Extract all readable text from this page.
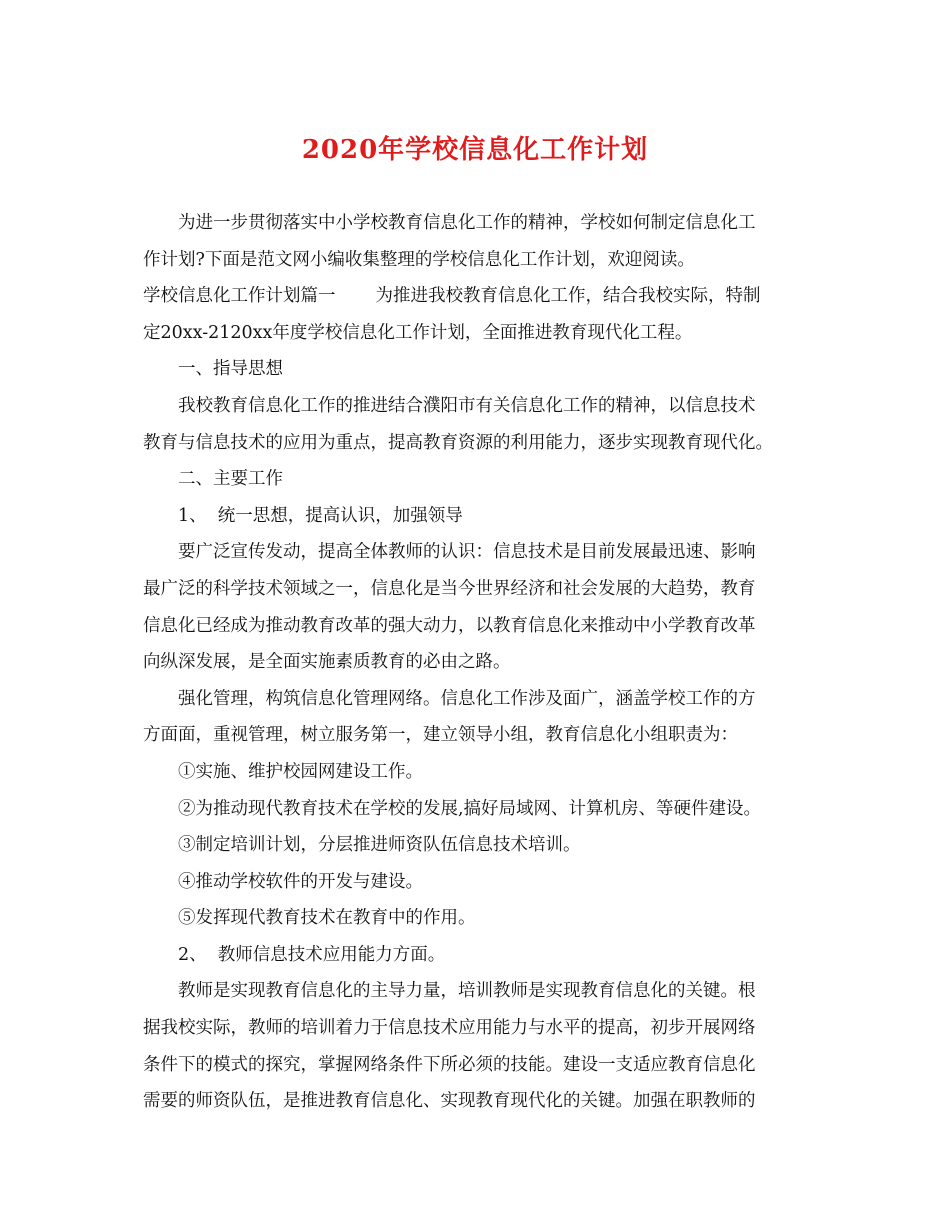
2020年学校信息化工作计划
为进一步贯彻落实中小学校教育信息化工作的精神，学校如何制定信息化工
作计划?下面是范文网小编收集整理的学校信息化工作计划，欢迎阅读。
学校信息化工作计划篇一 为推进我校教育信息化工作，结合我校实际，特制
定20xx-2120xx年度学校信息化工作计划，全面推进教育现代化工程。
一、指导思想
我校教育信息化工作的推进结合濮阳市有关信息化工作的精神，以信息技术
教育与信息技术的应用为重点，提高教育资源的利用能力，逐步实现教育现代化。
二、主要工作
1、  统一思想，提高认识，加强领导
要广泛宣传发动，提高全体教师的认识：信息技术是目前发展最迅速、影响
最广泛的科学技术领域之一，信息化是当今世界经济和社会发展的大趋势，教育
信息化已经成为推动教育改革的强大动力，以教育信息化来推动中小学教育改革
向纵深发展，是全面实施素质教育的必由之路。
强化管理，构筑信息化管理网络。信息化工作涉及面广，涵盖学校工作的方
方面面，重视管理，树立服务第一，建立领导小组，教育信息化小组职责为：
①实施、维护校园网建设工作。
②为推动现代教育技术在学校的发展,搞好局域网、计算机房、等硬件建设。
③制定培训计划，分层推进师资队伍信息技术培训。
④推动学校软件的开发与建设。
⑤发挥现代教育技术在教育中的作用。
2、  教师信息技术应用能力方面。
教师是实现教育信息化的主导力量，培训教师是实现教育信息化的关键。根
据我校实际，教师的培训着力于信息技术应用能力与水平的提高，初步开展网络
条件下的模式的探究，掌握网络条件下所必须的技能。建设一支适应教育信息化
需要的师资队伍，是推进教育信息化、实现教育现代化的关键。加强在职教师的
